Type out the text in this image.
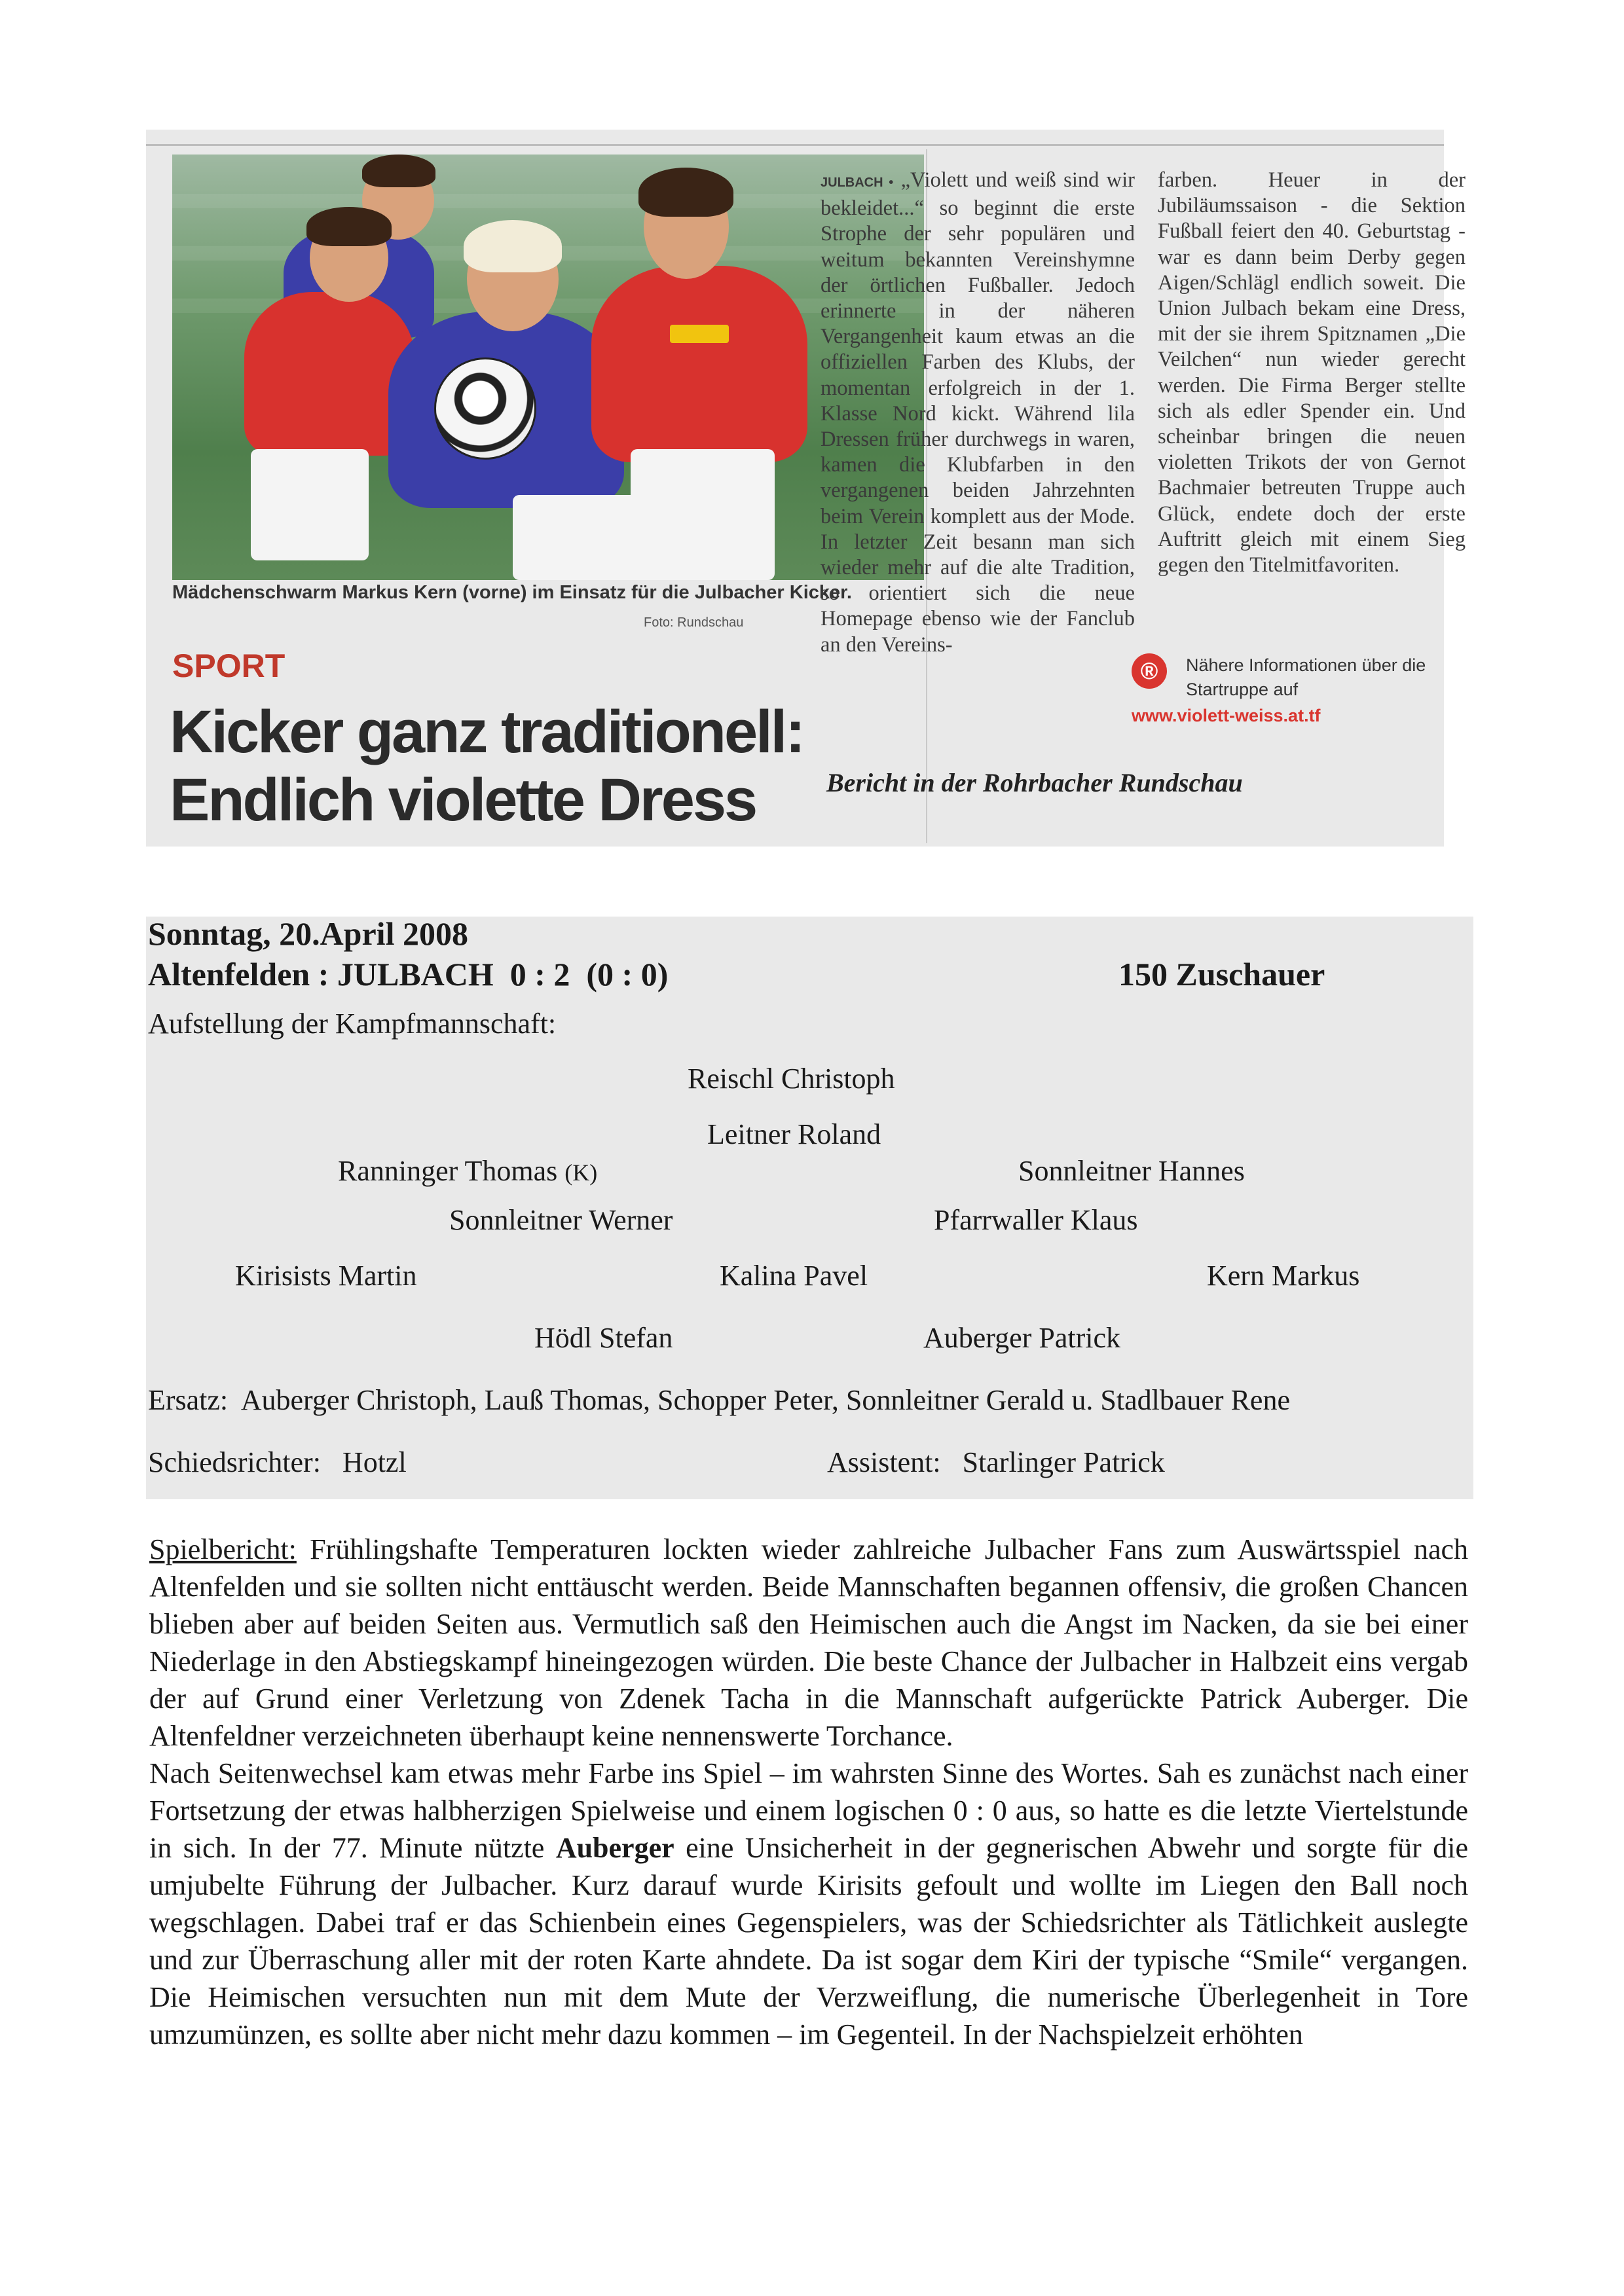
Mädchenschwarm Markus Kern (vorne) im Einsatz für die Julbacher Kicker.
Foto: Rundschau
SPORT
Kicker ganz traditionell:
Endlich violette Dress
JULBACH • „Violett und weiß sind wir bekleidet...“ so beginnt die erste Strophe der sehr populären und weitum bekannten Vereinshymne der örtlichen Fußballer. Jedoch erinnerte in der näheren Vergangenheit kaum etwas an die offiziellen Farben des Klubs, der momentan erfolgreich in der 1. Klasse Nord kickt. Während lila Dressen früher durchwegs in waren, kamen die Klubfarben in den vergangenen beiden Jahrzehnten beim Verein komplett aus der Mode. In letzter Zeit besann man sich wieder mehr auf die alte Tradition, so orientiert sich die neue Homepage ebenso wie der Fanclub an den Vereins-
farben. Heuer in der Jubiläumssaison - die Sektion Fußball feiert den 40. Geburtstag - war es dann beim Derby gegen Aigen/Schlägl endlich soweit. Die Union Julbach bekam eine Dress, mit der sie ihrem Spitznamen „Die Veilchen“ nun wieder gerecht werden. Die Firma Berger stellte sich als edler Spender ein. Und scheinbar bringen die neuen violetten Trikots der von Gernot Bachmaier betreuten Truppe auch Glück, endete doch der erste Auftritt gleich mit einem Sieg gegen den Titelmitfavoriten.
®	Nähere Informationen über die Startruppe auf
www.violett-weiss.at.tf
Bericht in der Rohrbacher Rundschau
Sonntag, 20.April 2008
Altenfelden : JULBACH  0 : 2  (0 : 0)	150 Zuschauer
Aufstellung der Kampfmannschaft:
Reischl Christoph
Leitner Roland
Ranninger Thomas (K)	Sonnleitner Hannes
Sonnleitner Werner	Pfarrwaller Klaus
Kirisists Martin	Kalina Pavel	Kern Markus
Hödl Stefan	Auberger Patrick
Ersatz: Auberger Christoph, Lauß Thomas, Schopper Peter, Sonnleitner Gerald u. Stadlbauer Rene
Schiedsrichter: Hotzl	Assistent: Starlinger Patrick

Spielbericht: Frühlingshafte Temperaturen lockten wieder zahlreiche Julbacher Fans zum Auswärtsspiel nach Altenfelden und sie sollten nicht enttäuscht werden. Beide Mannschaften begannen offensiv, die großen Chancen blieben aber auf beiden Seiten aus. Vermutlich saß den Heimischen auch die Angst im Nacken, da sie bei einer Niederlage in den Abstiegskampf hineingezogen würden. Die beste Chance der Julbacher in Halbzeit eins vergab der auf Grund einer Verletzung von Zdenek Tacha in die Mannschaft aufgerückte Patrick Auberger. Die Altenfeldner verzeichneten überhaupt keine nennenswerte Torchance.

Nach Seitenwechsel kam etwas mehr Farbe ins Spiel – im wahrsten Sinne des Wortes. Sah es zunächst nach einer Fortsetzung der etwas halbherzigen Spielweise und einem logischen 0 : 0 aus, so hatte es die letzte Viertelstunde in sich. In der 77. Minute nützte Auberger eine Unsicherheit in der gegnerischen Abwehr und sorgte für die umjubelte Führung der Julbacher. Kurz darauf wurde Kirisits gefoult und wollte im Liegen den Ball noch wegschlagen. Dabei traf er das Schienbein eines Gegenspielers, was der Schiedsrichter als Tätlichkeit auslegte und zur Überraschung aller mit der roten Karte ahndete. Da ist sogar dem Kiri der typische “Smile“ vergangen. Die Heimischen versuchten nun mit dem Mute der Verzweiflung, die numerische Überlegenheit in Tore umzumünzen, es sollte aber nicht mehr dazu kommen – im Gegenteil. In der Nachspielzeit erhöhten
